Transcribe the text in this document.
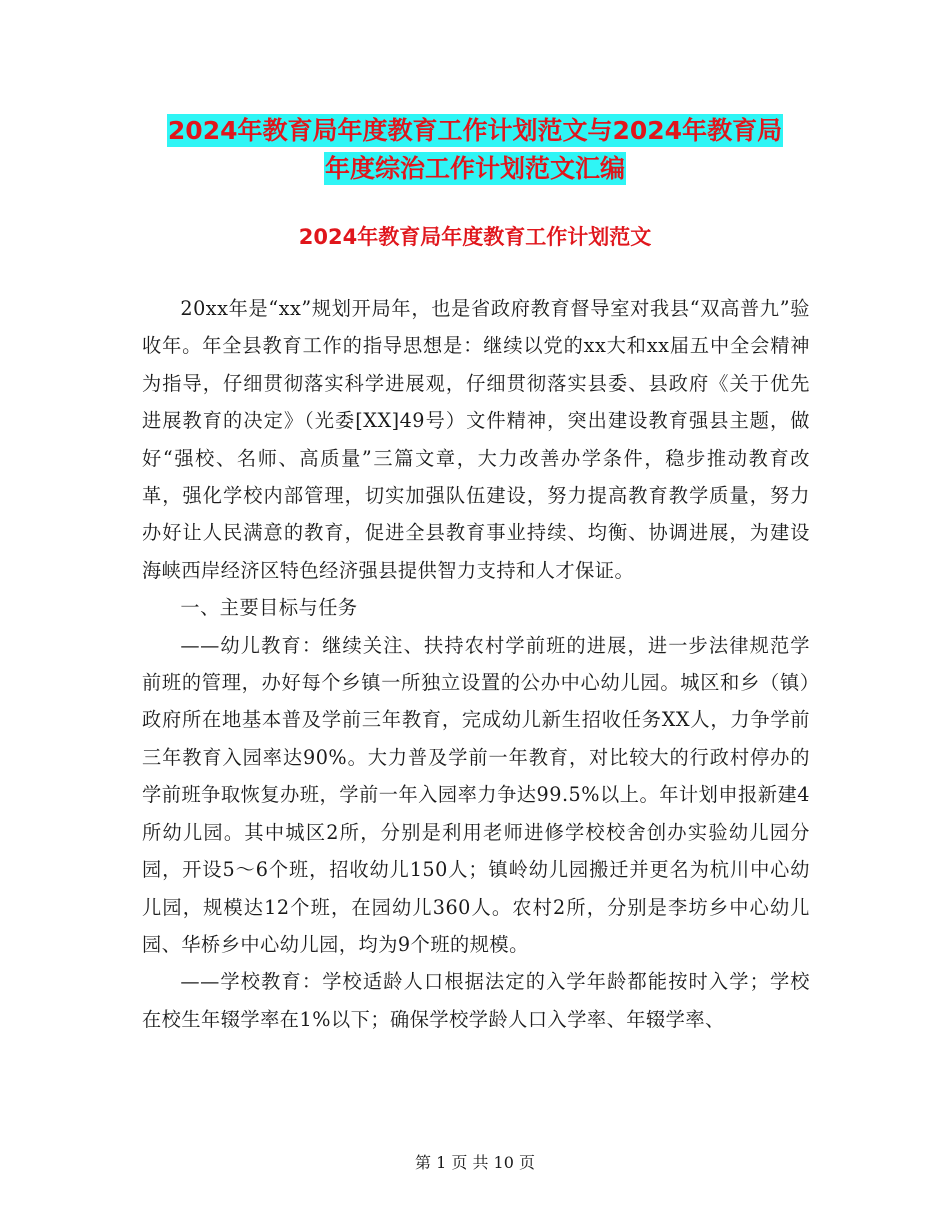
2024年教育局年度教育工作计划范文与2024年教育局
年度综治工作计划范文汇编
2024年教育局年度教育工作计划范文

20xx年是“xx”规划开局年，也是省政府教育督导室对我县“双高普九”验收年。年全县教育工作的指导思想是：继续以党的xx大和xx届五中全会精神为指导，仔细贯彻落实科学进展观，仔细贯彻落实县委、县政府《关于优先进展教育的决定》（光委[XX]49号）文件精神，突出建设教育强县主题，做好“强校、名师、高质量”三篇文章，大力改善办学条件，稳步推动教育改革，强化学校内部管理，切实加强队伍建设，努力提高教育教学质量，努力办好让人民满意的教育，促进全县教育事业持续、均衡、协调进展，为建设海峡西岸经济区特色经济强县提供智力支持和人才保证。

一、主要目标与任务

——幼儿教育：继续关注、扶持农村学前班的进展，进一步法律规范学前班的管理，办好每个乡镇一所独立设置的公办中心幼儿园。城区和乡（镇）政府所在地基本普及学前三年教育，完成幼儿新生招收任务XX人，力争学前三年教育入园率达90%。大力普及学前一年教育，对比较大的行政村停办的学前班争取恢复办班，学前一年入园率力争达99.5%以上。年计划申报新建4所幼儿园。其中城区2所，分别是利用老师进修学校校舍创办实验幼儿园分园，开设5～6个班，招收幼儿150人；镇岭幼儿园搬迁并更名为杭川中心幼儿园，规模达12个班，在园幼儿360人。农村2所，分别是李坊乡中心幼儿园、华桥乡中心幼儿园，均为9个班的规模。

——学校教育：学校适龄人口根据法定的入学年龄都能按时入学；学校在校生年辍学率在1%以下；确保学校学龄人口入学率、年辍学率、

第 1 页 共 10 页
